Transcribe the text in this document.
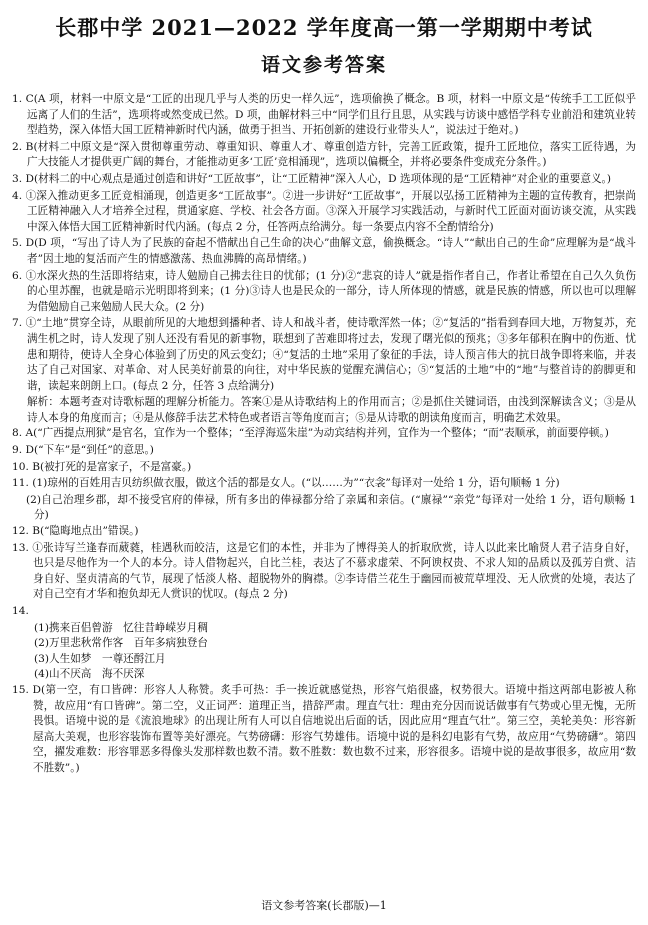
长郡中学 2021—2022 学年度高一第一学期期中考试
语文参考答案

1. C(A 项，材料一中原文是“工匠的出现几乎与人类的历史一样久远”，选项偷换了概念。B 项，材料一中原文是“传统手工工匠似乎远离了人们的生活”，选项将或然变成已然。D 项，曲解材料三中“同学们且行且思，从实践与访谈中感悟学科专业前沿和建筑业转型趋势，深入体悟大国工匠精神新时代内涵，做勇于担当、开拓创新的建设行业带头人”，说法过于绝对。)

2. B(材料二中原文是“深入贯彻尊重劳动、尊重知识、尊重人才、尊重创造方针，完善工匠政策，提升工匠地位，落实工匠待遇，为广大技能人才提供更广阔的舞台，才能推动更多‘工匠’竞相涌现”，选项以偏概全，并将必要条件变成充分条件。)

3. D(材料二的中心观点是通过创造和讲好“工匠故事”，让“工匠精神”深入人心，D 选项体现的是“工匠精神”对企业的重要意义。)

4. ①深入推动更多工匠竞相涌现，创造更多“工匠故事”。②进一步讲好“工匠故事”，开展以弘扬工匠精神为主题的宣传教育，把崇尚工匠精神融入人才培养全过程，贯通家庭、学校、社会各方面。③深入开展学习实践活动，与新时代工匠面对面访谈交流，从实践中深入体悟大国工匠精神新时代内涵。(每点 2 分，任答两点给满分。每一条要点内容不全酌情给分)

5. D(D 项，“写出了诗人为了民族的奋起不惜献出自己生命的决心”曲解文意，偷换概念。“诗人”“献出自己的生命”应理解为是“战斗者”因土地的复活而产生的情感激荡、热血沸腾的高昂情绪。)

6. ①水深火热的生活即将结束，诗人勉励自己拂去往日的忧郁；(1 分)②“悲哀的诗人”就是指作者自己，作者让希望在自己久久负伤的心里苏醒，也就是暗示光明即将到来；(1 分)③诗人也是民众的一部分，诗人所体现的情感，就是民族的情感，所以也可以理解为借勉励自己来勉励人民大众。(2 分)

7. ①“土地”贯穿全诗，从眼前所见的大地想到播种者、诗人和战斗者，使诗歌浑然一体；②“复活的”指看到春回大地，万物复苏，充满生机之时，诗人发现了别人还没有看见的新事物，联想到了苦难即将过去，发现了曙光似的预兆；③多年郁积在胸中的伤逝、忧患和期待，使诗人全身心体验到了历史的风云变幻；④“复活的土地”采用了象征的手法，诗人预言伟大的抗日战争即将来临，并表达了自己对国家、对革命、对人民美好前景的向往，对中华民族的觉醒充满信心；⑤“复活的土地”中的“地”与整首诗的韵脚更和谐，读起来朗朗上口。(每点 2 分，任答 3 点给满分)

解析：本题考查对诗歌标题的理解分析能力。答案①是从诗歌结构上的作用而言；②是抓住关键词语，由浅到深解读含义；③是从诗人本身的角度而言；④是从修辞手法艺术特色或者语言等角度而言；⑤是从诗歌的朗读角度而言，明确艺术效果。

8. A(“广西提点刑狱”是官名，宜作为一个整体；“至浮海巡朱崖”为动宾结构并列，宜作为一个整体；“而”表顺承，前面要停顿。)

9. D(“下车”是“到任”的意思。)

10. B(被打死的是富家子，不是富豪。)

11. (1)琼州的百姓用吉贝纺织做衣服，做这个活的都是女人。(“以……为”“衣衾”每译对一处给 1 分，语句顺畅 1 分)

(2)自己治理乡郡，却不接受官府的俸禄，所有多出的俸禄都分给了亲属和亲信。(“廪禄”“亲党”每译对一处给 1 分，语句顺畅 1 分)

12. B(“隐晦地点出”错误。)

13. ①张诗写兰逢春而葳蕤，桂遇秋而皎洁，这是它们的本性，并非为了博得美人的折取欣赏，诗人以此来比喻贤人君子洁身自好，也只是尽他作为一个人的本分。诗人借物起兴，自比兰桂，表达了不慕求虚荣、不阿谀权贵、不求人知的品质以及孤芳自赏、洁身自好、坚贞清高的气节，展现了恬淡人格、超脱物外的胸襟。②李诗借兰花生于幽园而被荒草埋没、无人欣赏的处境，表达了对自己空有才华和抱负却无人赏识的忧叹。(每点 2 分)

14.

(1)携来百侣曾游　忆往昔峥嵘岁月稠
(2)万里悲秋常作客　百年多病独登台
(3)人生如梦　一尊还酹江月
(4)山不厌高　海不厌深

15. D(第一空，有口皆碑：形容人人称赞。炙手可热：手一挨近就感觉热，形容气焰很盛，权势很大。语境中指这两部电影被人称赞，故应用“有口皆碑”。第二空，义正词严：道理正当，措辞严肃。理直气壮：理由充分因而说话做事有气势或心里无愧，无所畏惧。语境中说的是《流浪地球》的出现让所有人可以自信地说出后面的话，因此应用“理直气壮”。第三空，美轮美奂：形容新屋高大美观，也形容装饰布置等美好漂亮。气势磅礴：形容气势雄伟。语境中说的是科幻电影有气势，故应用“气势磅礴”。第四空，擢发难数：形容罪恶多得像头发那样数也数不清。数不胜数：数也数不过来，形容很多。语境中说的是故事很多，故应用“数不胜数”。)

语文参考答案(长郡版)—1
